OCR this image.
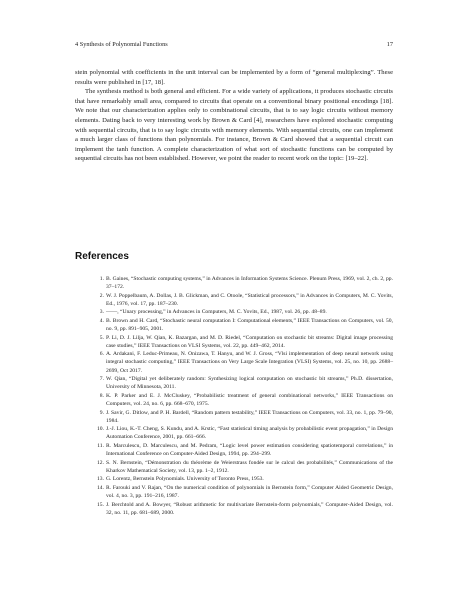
4 Synthesis of Polynomial Functions	17

stein polynomial with coefficients in the unit interval can be implemented by a form of “general multiplexing”. These results were published in [17, 18].

The synthesis method is both general and efficient. For a wide variety of applications, it produces stochastic circuits that have remarkably small area, compared to circuits that operate on a conventional binary positional encodings [18]. We note that our characterization applies only to combinational circuits, that is to say logic circuits without memory elements. Dating back to very interesting work by Brown & Card [4], researchers have explored stochastic computing with sequential circuits, that is to say logic circuits with memory elements. With sequential circuits, one can implement a much larger class of functions than polynomials. For instance, Brown & Card showed that a sequential circuit can implement the tanh function. A complete characterization of what sort of stochastic functions can be computed by sequential circuits has not been established. However, we point the reader to recent work on the topic: [19–22].

References
1. B. Gaines, “Stochastic computing systems,” in Advances in Information Systems Science. Plenum Press, 1969, vol. 2, ch. 2, pp. 37–172.
2. W. J. Poppelbaum, A. Dollas, J. B. Glickman, and C. Otoole, “Statistical processors,” in Advances in Computers, M. C. Yovits, Ed., 1976, vol. 17, pp. 187–230.
3. ——, “Unary processing,” in Advances in Computers, M. C. Yovits, Ed., 1987, vol. 26, pp. 48–89.
4. B. Brown and H. Card, “Stochastic neural computation I: Computational elements,” IEEE Transactions on Computers, vol. 50, no. 9, pp. 891–905, 2001.
5. P. Li, D. J. Lilja, W. Qian, K. Bazargan, and M. D. Riedel, “Computation on stochastic bit streams: Digital image processing case studies,” IEEE Transactions on VLSI Systems, vol. 22, pp. 449–462, 2014.
6. A. Ardakani, F. Leduc-Primeau, N. Onizawa, T. Hanyu, and W. J. Gross, “Vlsi implementation of deep neural network using integral stochastic computing,” IEEE Transactions on Very Large Scale Integration (VLSI) Systems, vol. 25, no. 10, pp. 2688–2699, Oct 2017.
7. W. Qian, “Digital yet deliberately random: Synthesizing logical computation on stochastic bit streams,” Ph.D. dissertation, University of Minnesota, 2011.
8. K. P. Parker and E. J. McCluskey, “Probabilistic treatment of general combinational networks,” IEEE Transactions on Computers, vol. 24, no. 6, pp. 668–670, 1975.
9. J. Savir, G. Ditlow, and P. H. Bardell, “Random pattern testability,” IEEE Transactions on Computers, vol. 33, no. 1, pp. 79–90, 1984.
10. J.-J. Liou, K.-T. Cheng, S. Kundu, and A. Krstic, “Fast statistical timing analysis by probabilistic event propagation,” in Design Automation Conference, 2001, pp. 661–666.
11. R. Marculescu, D. Marculescu, and M. Pedram, “Logic level power estimation considering spatiotemporal correlations,” in International Conference on Computer-Aided Design, 1994, pp. 294–299.
12. S. N. Bernstein, “Démonstration du théorème de Weierstrass fondée sur le calcul des probabilités,” Communications of the Kharkov Mathematical Society, vol. 13, pp. 1–2, 1912.
13. G. Lorentz, Bernstein Polynomials. University of Toronto Press, 1953.
14. R. Farouki and V. Rajan, “On the numerical condition of polynomials in Bernstein form,” Computer Aided Geometric Design, vol. 4, no. 3, pp. 191–216, 1987.
15. J. Berchtold and A. Bowyer, “Robust arithmetic for multivariate Bernstein-form polynomials,” Computer-Aided Design, vol. 32, no. 11, pp. 681–689, 2000.
